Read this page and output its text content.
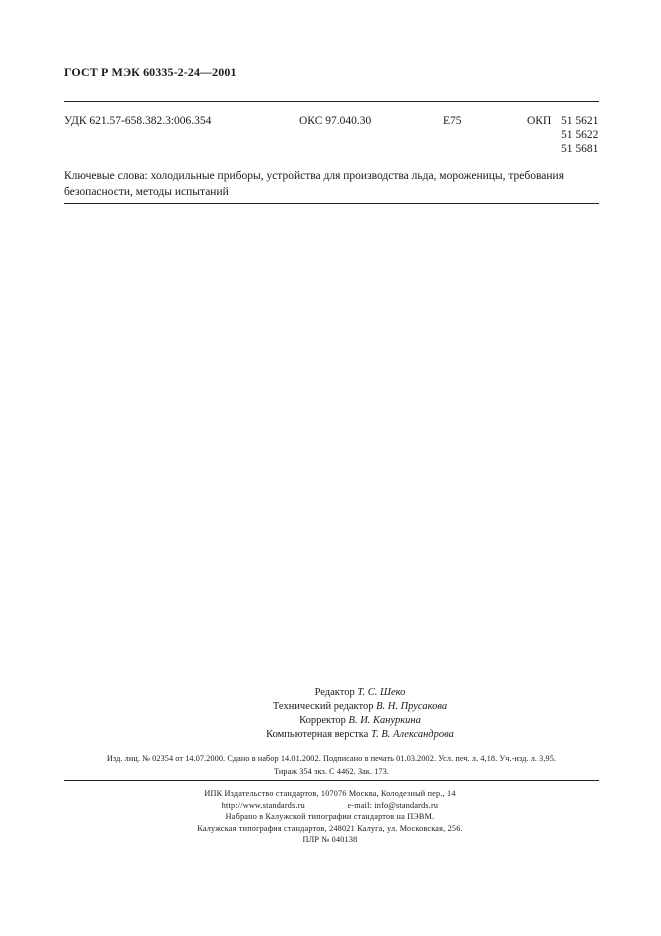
ГОСТ Р МЭК 60335-2-24—2001
УДК 621.57-658.382.3:006.354	ОКС 97.040.30	Е75	ОКП 51 5621
51 5622
51 5681
Ключевые слова: холодильные приборы, устройства для производства льда, мороженицы, требования безопасности, методы испытаний
Редактор Т. С. Шеко
Технический редактор В. Н. Прусакова
Корректор В. И. Кануркина
Компьютерная верстка Т. В. Александрова
Изд. лиц. № 02354 от 14.07.2000. Сдано в набор 14.01.2002. Подписано в печать 01.03.2002. Усл. печ. л. 4,18. Уч.-изд. л. 3,95.
Тираж 354 экз. С 4462. Зак. 173.
ИПК Издательство стандартов, 107076 Москва, Колодезный пер., 14
http://www.standards.ru	e-mail: info@standards.ru
Набрано в Калужской типографии стандартов на ПЭВМ.
Калужская типография стандартов, 248021 Калуга, ул. Московская, 256.
ПЛР № 040138
